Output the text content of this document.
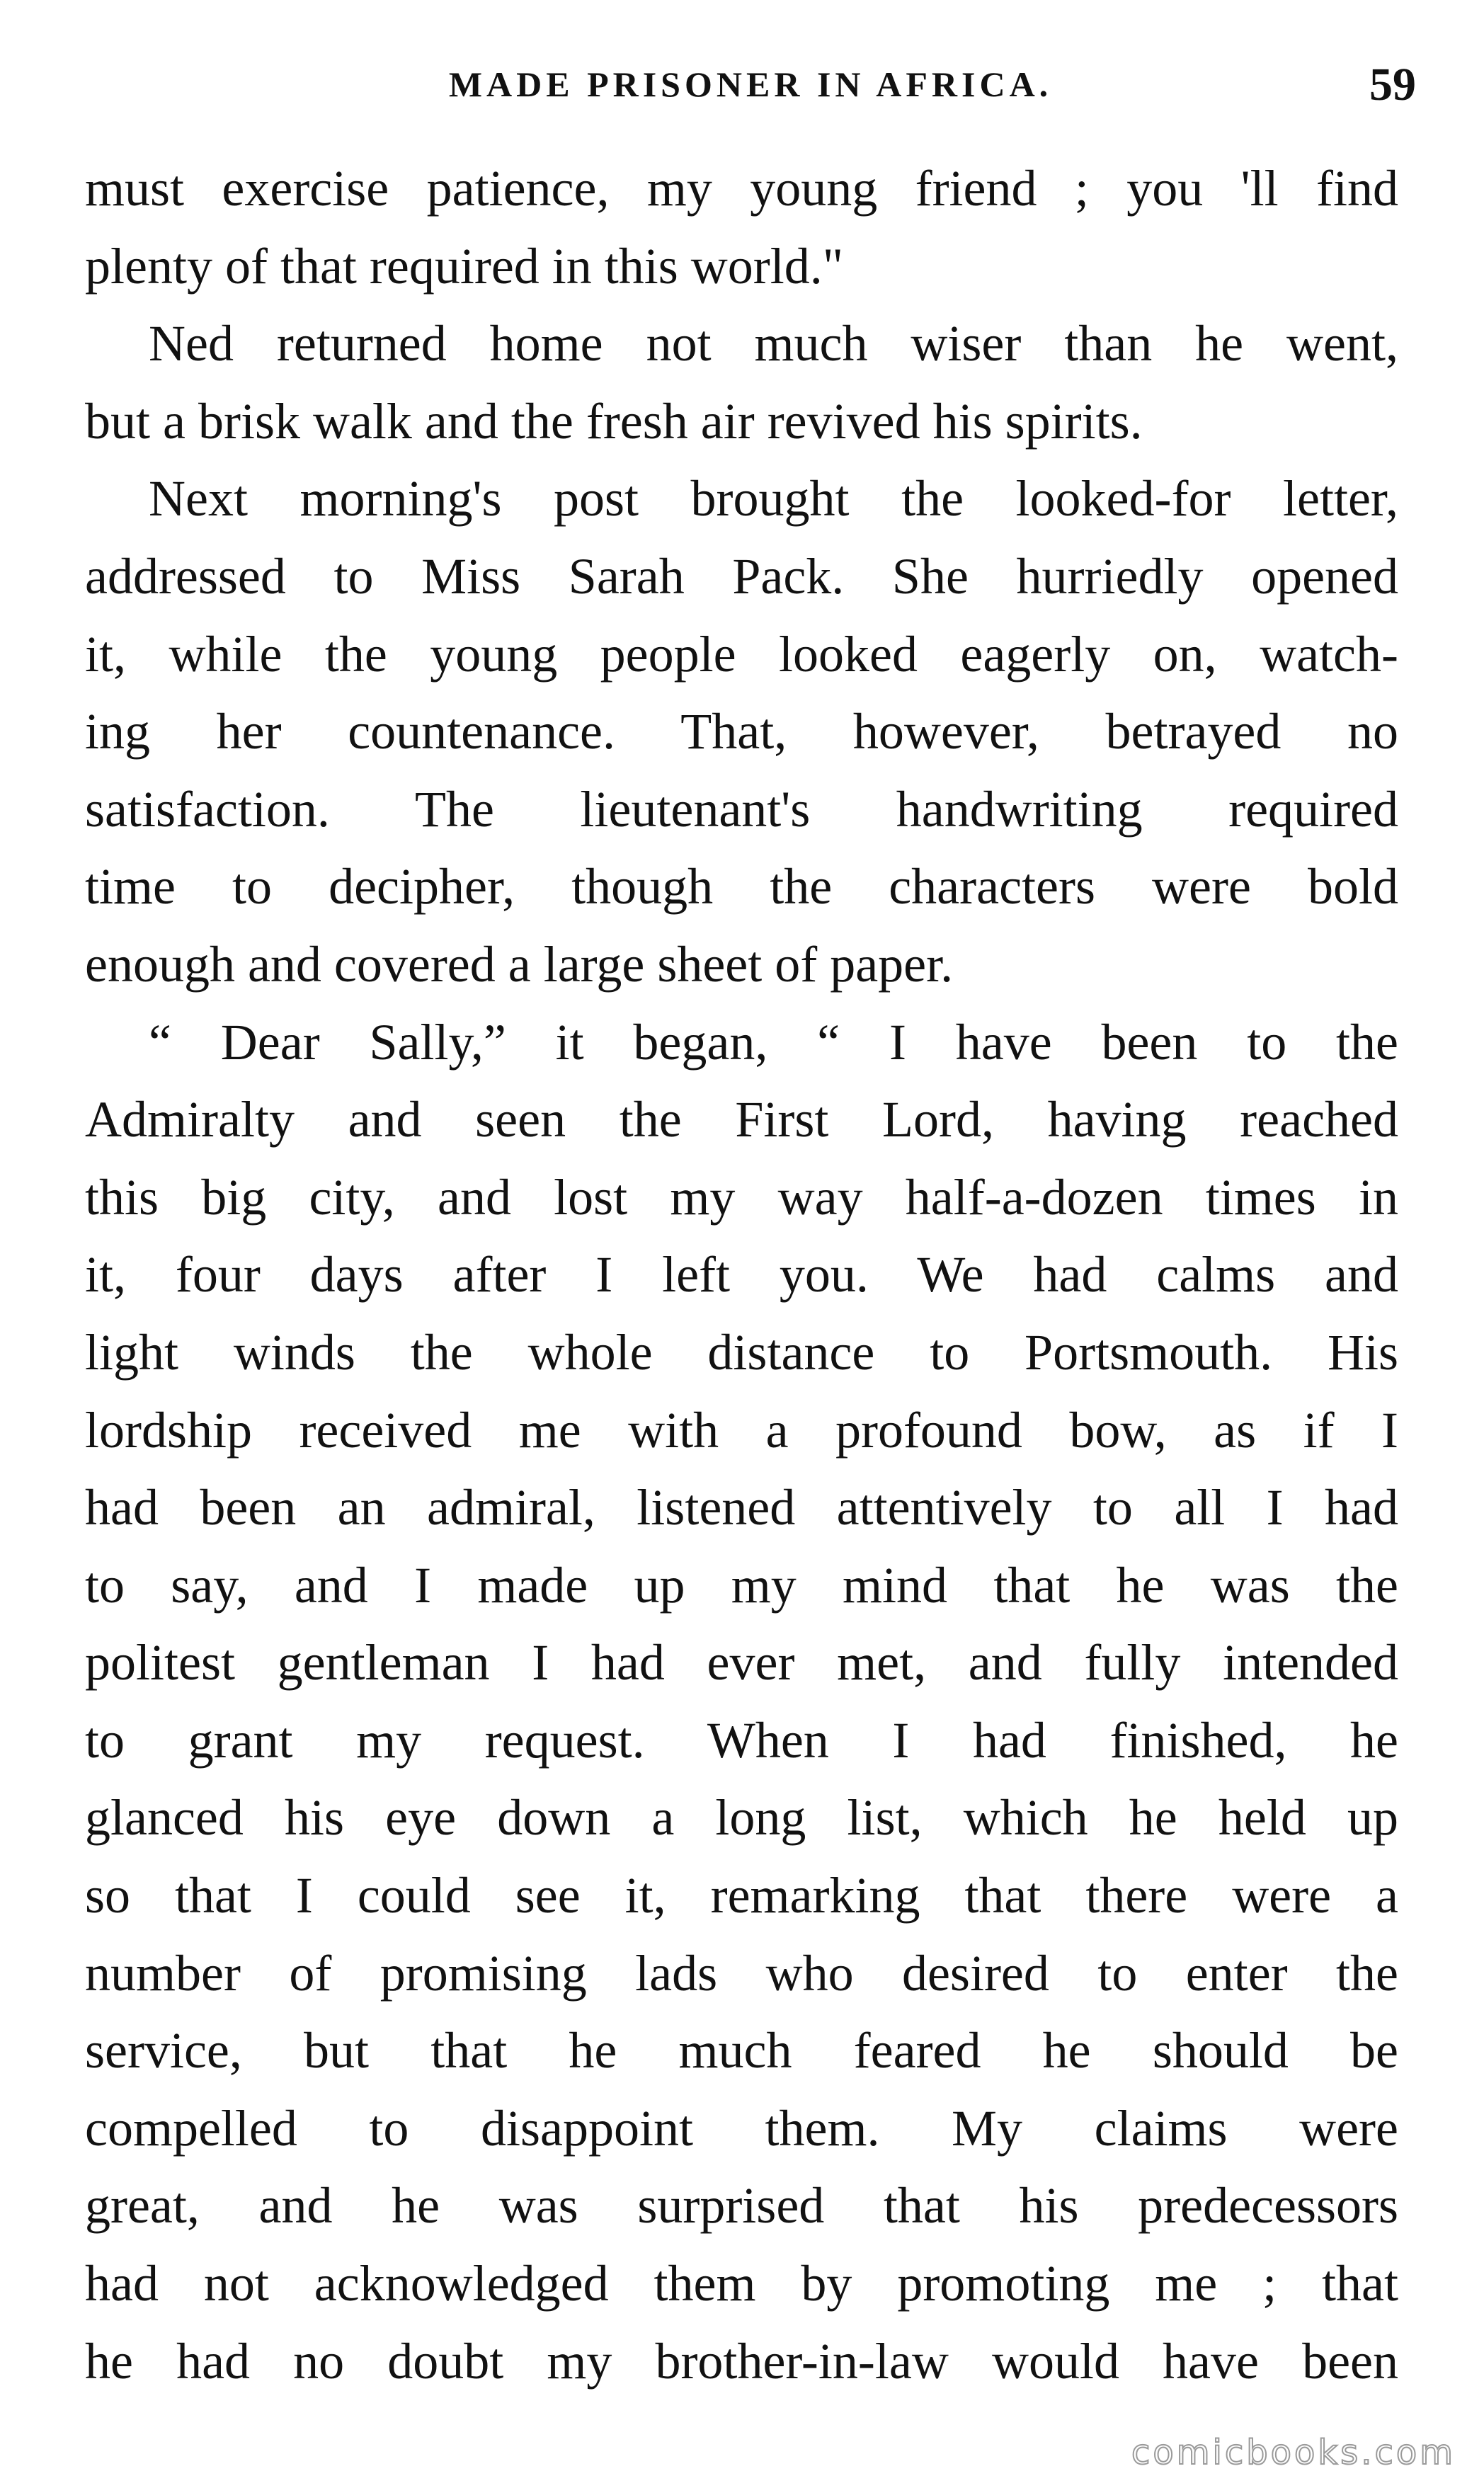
MADE PRISONER IN AFRICA.	59
must exercise patience, my young friend ; you 'll find
plenty of that required in this world."
Ned returned home not much wiser than he went,
but a brisk walk and the fresh air revived his spirits.
Next morning's post brought the looked-for letter,
addressed to Miss Sarah Pack. She hurriedly opened
it, while the young people looked eagerly on, watch-
ing her countenance. That, however, betrayed no
satisfaction. The lieutenant's handwriting required
time to decipher, though the characters were bold
enough and covered a large sheet of paper.
“ Dear Sally,” it began, “ I have been to the
Admiralty and seen the First Lord, having reached
this big city, and lost my way half-a-dozen times in
it, four days after I left you. We had calms and
light winds the whole distance to Portsmouth. His
lordship received me with a profound bow, as if I
had been an admiral, listened attentively to all I had
to say, and I made up my mind that he was the
politest gentleman I had ever met, and fully intended
to grant my request. When I had finished, he
glanced his eye down a long list, which he held up
so that I could see it, remarking that there were a
number of promising lads who desired to enter the
service, but that he much feared he should be
compelled to disappoint them. My claims were
great, and he was surprised that his predecessors
had not acknowledged them by promoting me ; that
he had no doubt my brother-in-law would have been
comicbooks.com
